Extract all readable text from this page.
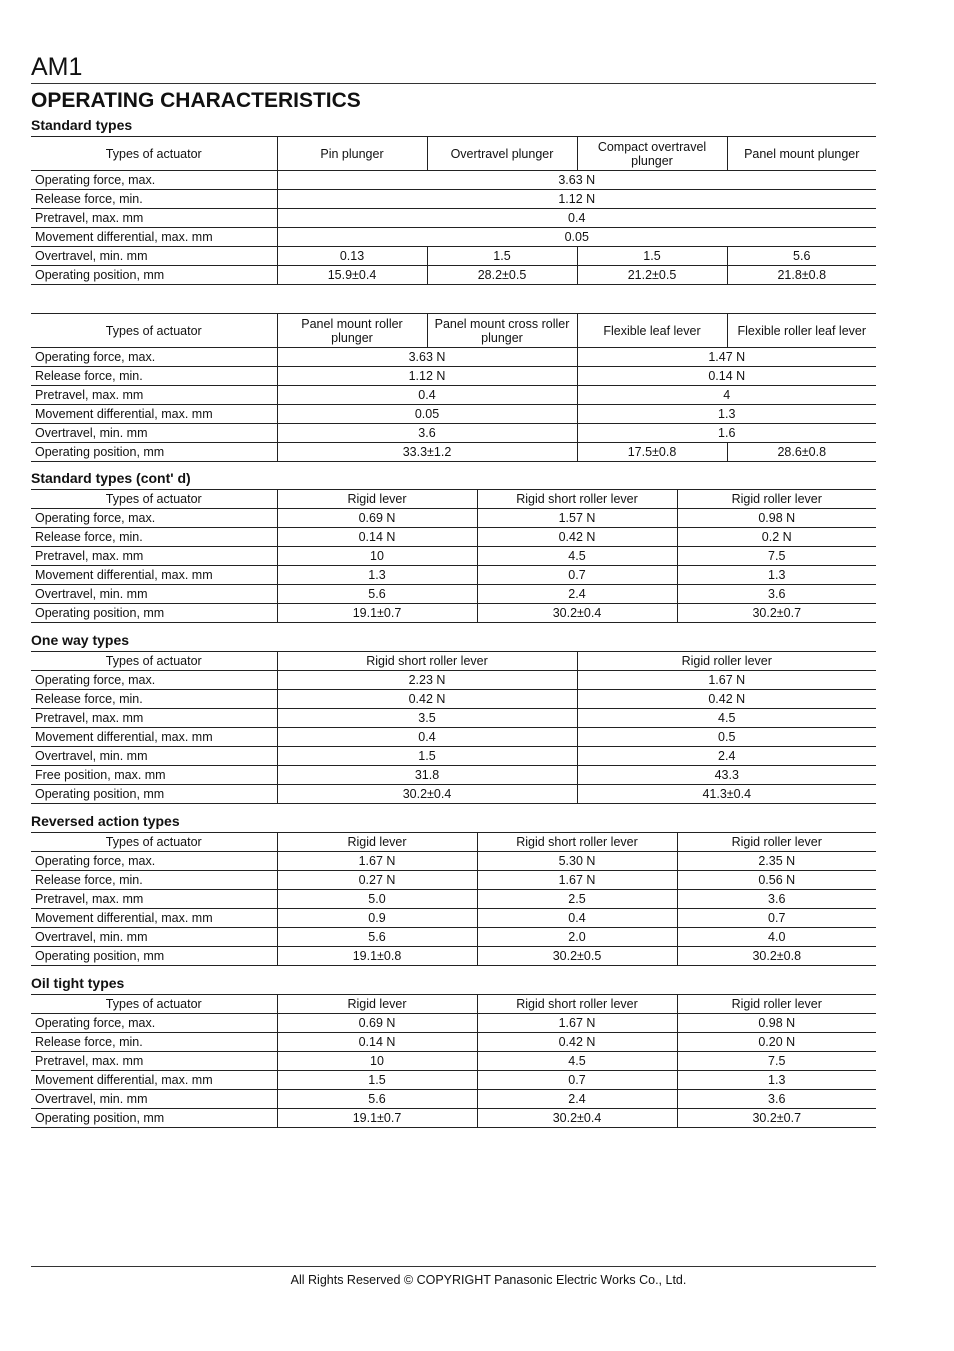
AM1
OPERATING CHARACTERISTICS
Standard types
Types of actuator	Pin plunger	Overtravel plunger	Compact overtravel plunger	Panel mount plunger
Operating force, max.	3.63 N			
Release force, min.	1.12 N			
Pretravel, max. mm	0.4			
Movement differential, max. mm	0.05			
Overtravel, min. mm	0.13	1.5	1.5	5.6
Operating position, mm	15.9±0.4	28.2±0.5	21.2±0.5	21.8±0.8
Types of actuator	Panel mount roller plunger	Panel mount cross roller plunger	Flexible leaf lever	Flexible roller leaf lever
Operating force, max.	3.63 N		1.47 N	
Release force, min.	1.12 N		0.14 N	
Pretravel, max. mm	0.4		4	
Movement differential, max. mm	0.05		1.3	
Overtravel, min. mm	3.6		1.6	
Operating position, mm	33.3±1.2		17.5±0.8	28.6±0.8
Standard types (cont' d)
Types of actuator	Rigid lever	Rigid short roller lever	Rigid roller lever
Operating force, max.	0.69 N	1.57 N	0.98 N
Release force, min.	0.14 N	0.42 N	0.2 N
Pretravel, max. mm	10	4.5	7.5
Movement differential, max. mm	1.3	0.7	1.3
Overtravel, min. mm	5.6	2.4	3.6
Operating position, mm	19.1±0.7	30.2±0.4	30.2±0.7
One way types
Types of actuator	Rigid short roller lever	Rigid roller lever
Operating force, max.	2.23 N	1.67 N
Release force, min.	0.42 N	0.42 N
Pretravel, max. mm	3.5	4.5
Movement differential, max. mm	0.4	0.5
Overtravel, min. mm	1.5	2.4
Free position, max. mm	31.8	43.3
Operating position, mm	30.2±0.4	41.3±0.4
Reversed action types
Types of actuator	Rigid lever	Rigid short roller lever	Rigid roller lever
Operating force, max.	1.67 N	5.30 N	2.35 N
Release force, min.	0.27 N	1.67 N	0.56 N
Pretravel, max. mm	5.0	2.5	3.6
Movement differential, max. mm	0.9	0.4	0.7
Overtravel, min. mm	5.6	2.0	4.0
Operating position, mm	19.1±0.8	30.2±0.5	30.2±0.8
Oil tight types
Types of actuator	Rigid lever	Rigid short roller lever	Rigid roller lever
Operating force, max.	0.69 N	1.67 N	0.98 N
Release force, min.	0.14 N	0.42 N	0.20 N
Pretravel, max. mm	10	4.5	7.5
Movement differential, max. mm	1.5	0.7	1.3
Overtravel, min. mm	5.6	2.4	3.6
Operating position, mm	19.1±0.7	30.2±0.4	30.2±0.7
All Rights Reserved © COPYRIGHT Panasonic Electric Works Co., Ltd.
